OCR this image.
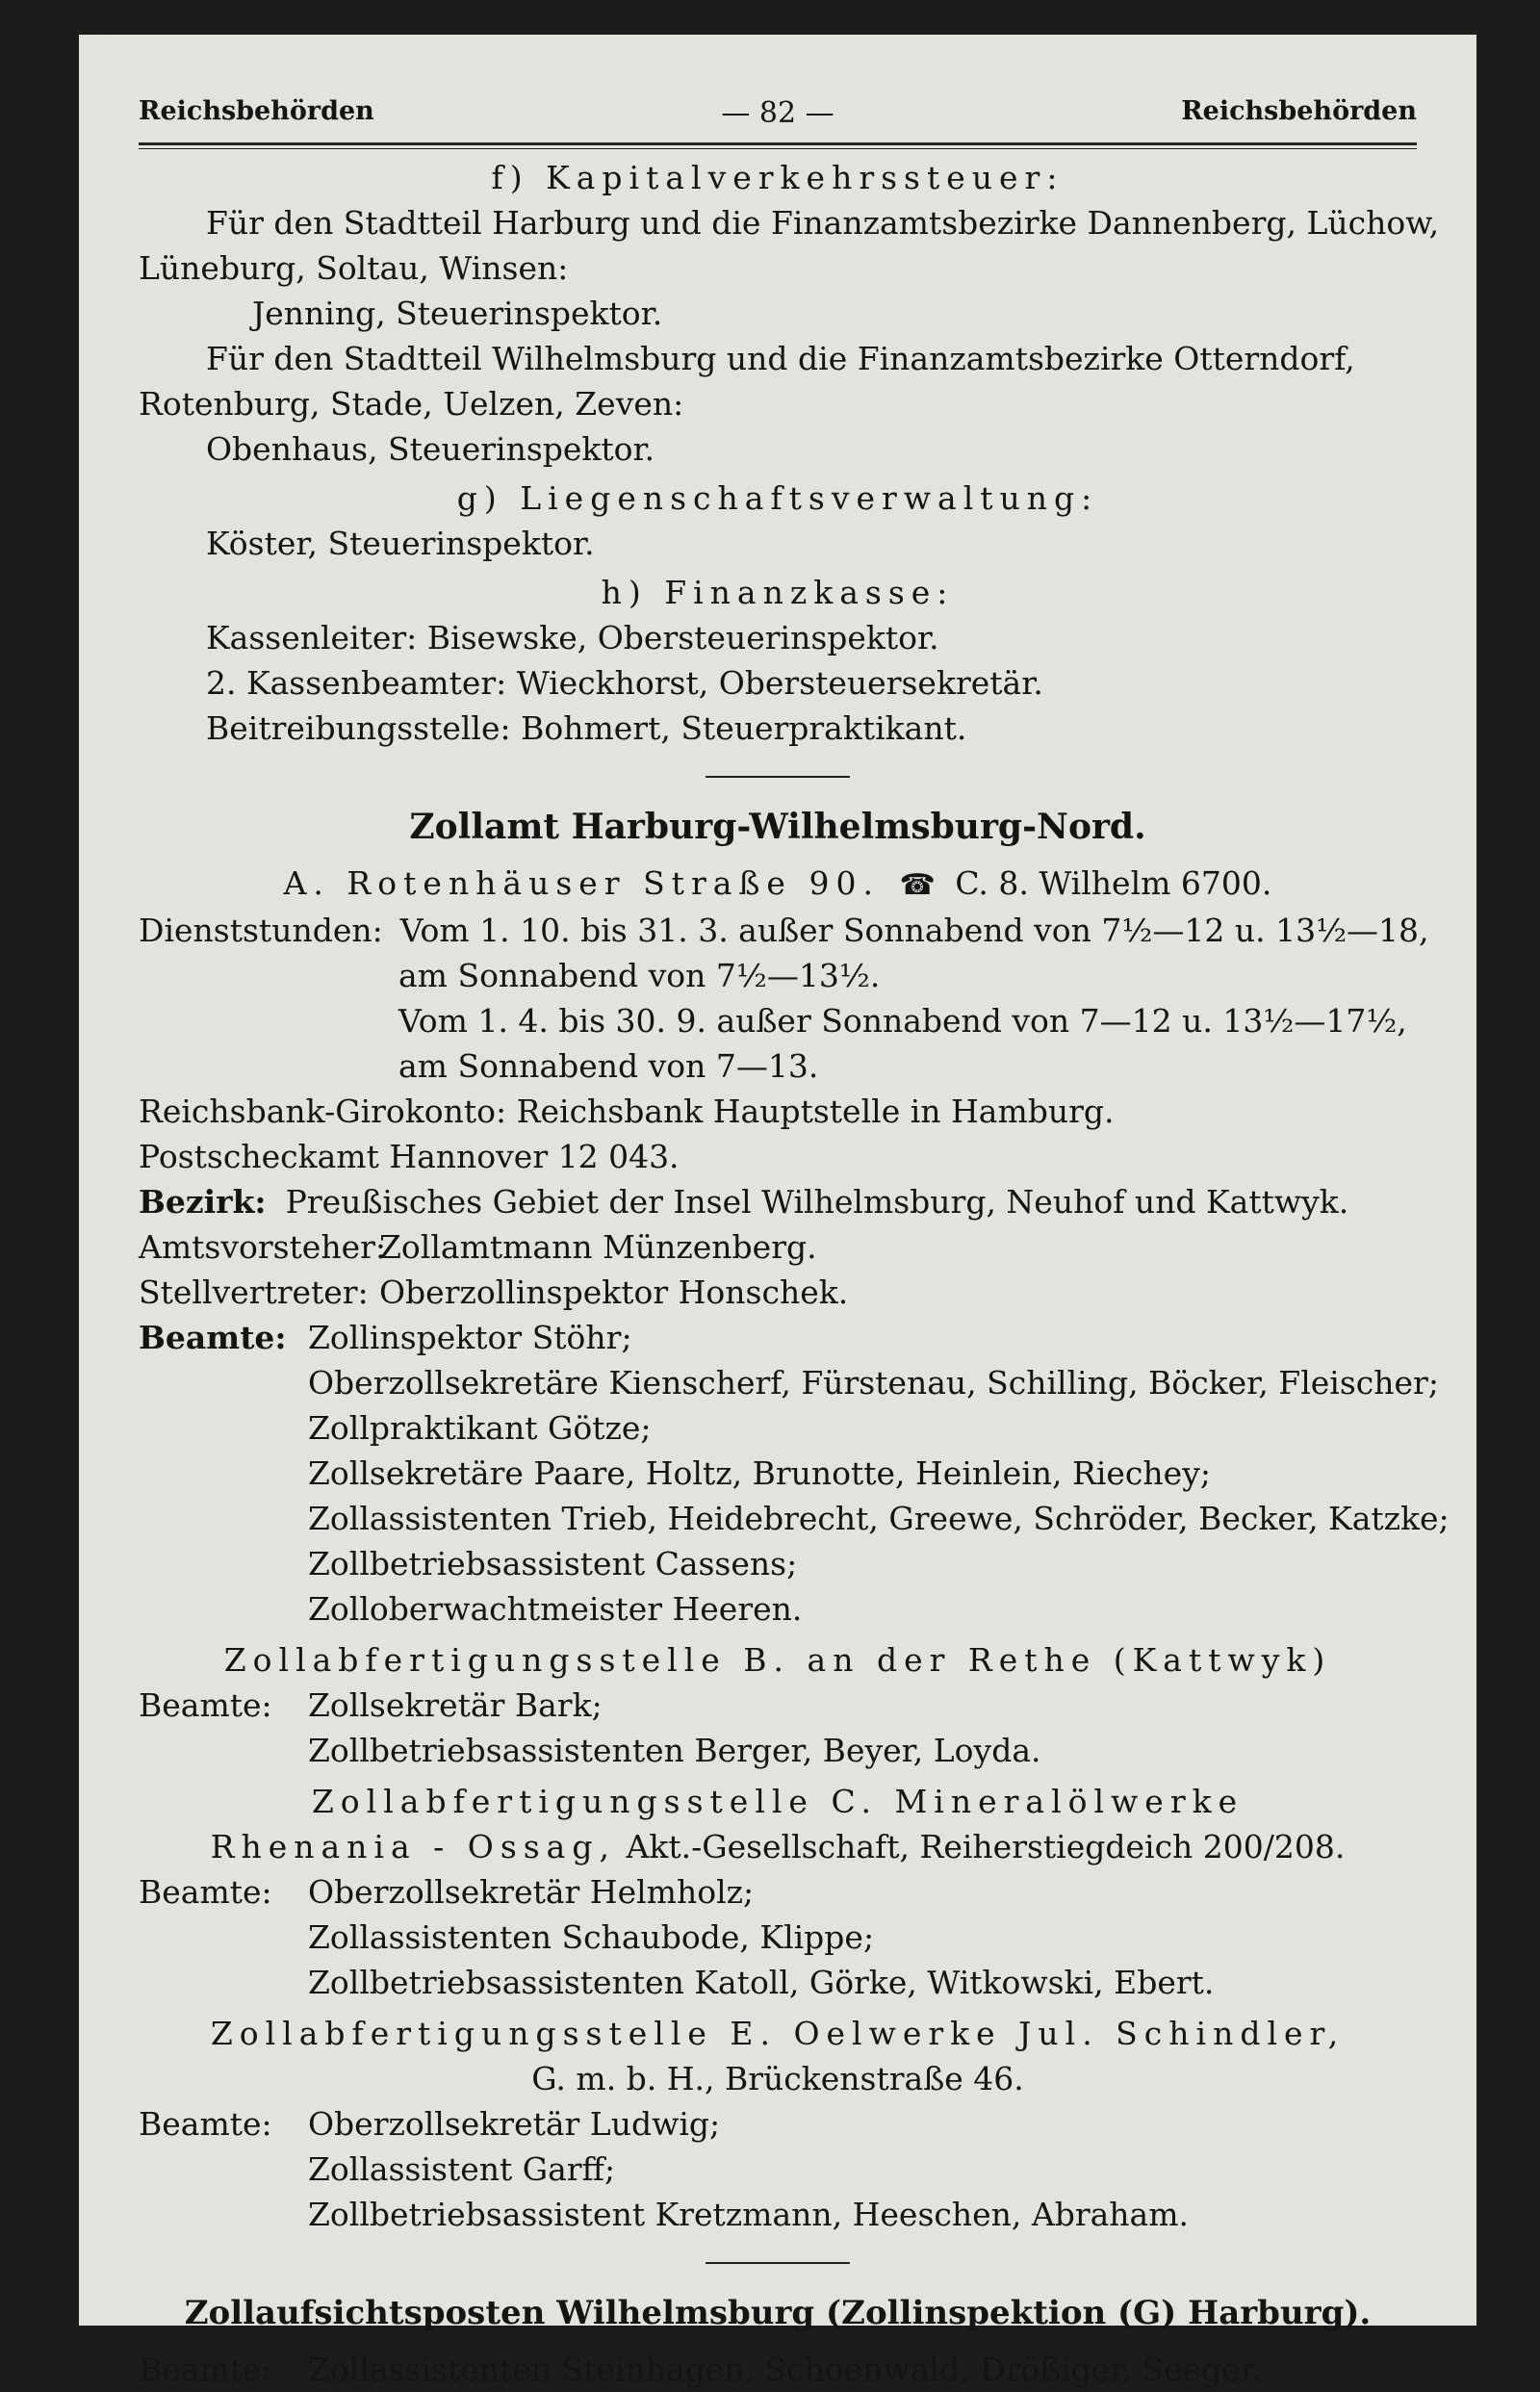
Reichsbehörden	— 82 —	Reichsbehörden
f) Kapitalverkehrssteuer:
Für den Stadtteil Harburg und die Finanzamtsbezirke Dannenberg, Lüchow,
Lüneburg, Soltau, Winsen:
Jenning, Steuerinspektor.
Für den Stadtteil Wilhelmsburg und die Finanzamtsbezirke Otterndorf,
Rotenburg, Stade, Uelzen, Zeven:
Obenhaus, Steuerinspektor.
g) Liegenschaftsverwaltung:
Köster, Steuerinspektor.
h) Finanzkasse:
Kassenleiter: Bisewske, Obersteuerinspektor.
2. Kassenbeamter: Wieckhorst, Obersteuersekretär.
Beitreibungsstelle: Bohmert, Steuerpraktikant.
Zollamt Harburg-Wilhelmsburg-Nord.
A. Rotenhäuser Straße 90. ☎ C. 8. Wilhelm 6700.
Dienststunden: Vom 1. 10. bis 31. 3. außer Sonnabend von 7½—12 u. 13½—18,
am Sonnabend von 7½—13½.
Vom 1. 4. bis 30. 9. außer Sonnabend von 7—12 u. 13½—17½,
am Sonnabend von 7—13.
Reichsbank-Girokonto: Reichsbank Hauptstelle in Hamburg.
Postscheckamt Hannover 12 043.
Bezirk: Preußisches Gebiet der Insel Wilhelmsburg, Neuhof und Kattwyk.
Amtsvorsteher:
Zollamtmann Münzenberg.
Stellvertreter: Oberzollinspektor Honschek.
Beamte: Zollinspektor Stöhr;
Oberzollsekretäre Kienscherf, Fürstenau, Schilling, Böcker, Fleischer;
Zollpraktikant Götze;
Zollsekretäre Paare, Holtz, Brunotte, Heinlein, Riechey;
Zollassistenten Trieb, Heidebrecht, Greewe, Schröder, Becker, Katzke;
Zollbetriebsassistent Cassens;
Zolloberwachtmeister Heeren.
Zollabfertigungsstelle B. an der Rethe (Kattwyk)
Beamte:	Zollsekretär Bark;
Zollbetriebsassistenten Berger, Beyer, Loyda.
Zollabfertigungsstelle C. Mineralölwerke
Rhenania - Ossag, Akt.-Gesellschaft, Reiherstiegdeich 200/208.
Beamte:	Oberzollsekretär Helmholz;
Zollassistenten Schaubode, Klippe;
Zollbetriebsassistenten Katoll, Görke, Witkowski, Ebert.
Zollabfertigungsstelle E. Oelwerke Jul. Schindler,
G. m. b. H., Brückenstraße 46.
Beamte:	Oberzollsekretär Ludwig;
Zollassistent Garff;
Zollbetriebsassistent Kretzmann, Heeschen, Abraham.
Zollaufsichtsposten Wilhelmsburg (Zollinspektion (G) Harburg).
Beamte:	Zollassistenten Steinhagen, Schoenwald, Drößiger, Seeger.
